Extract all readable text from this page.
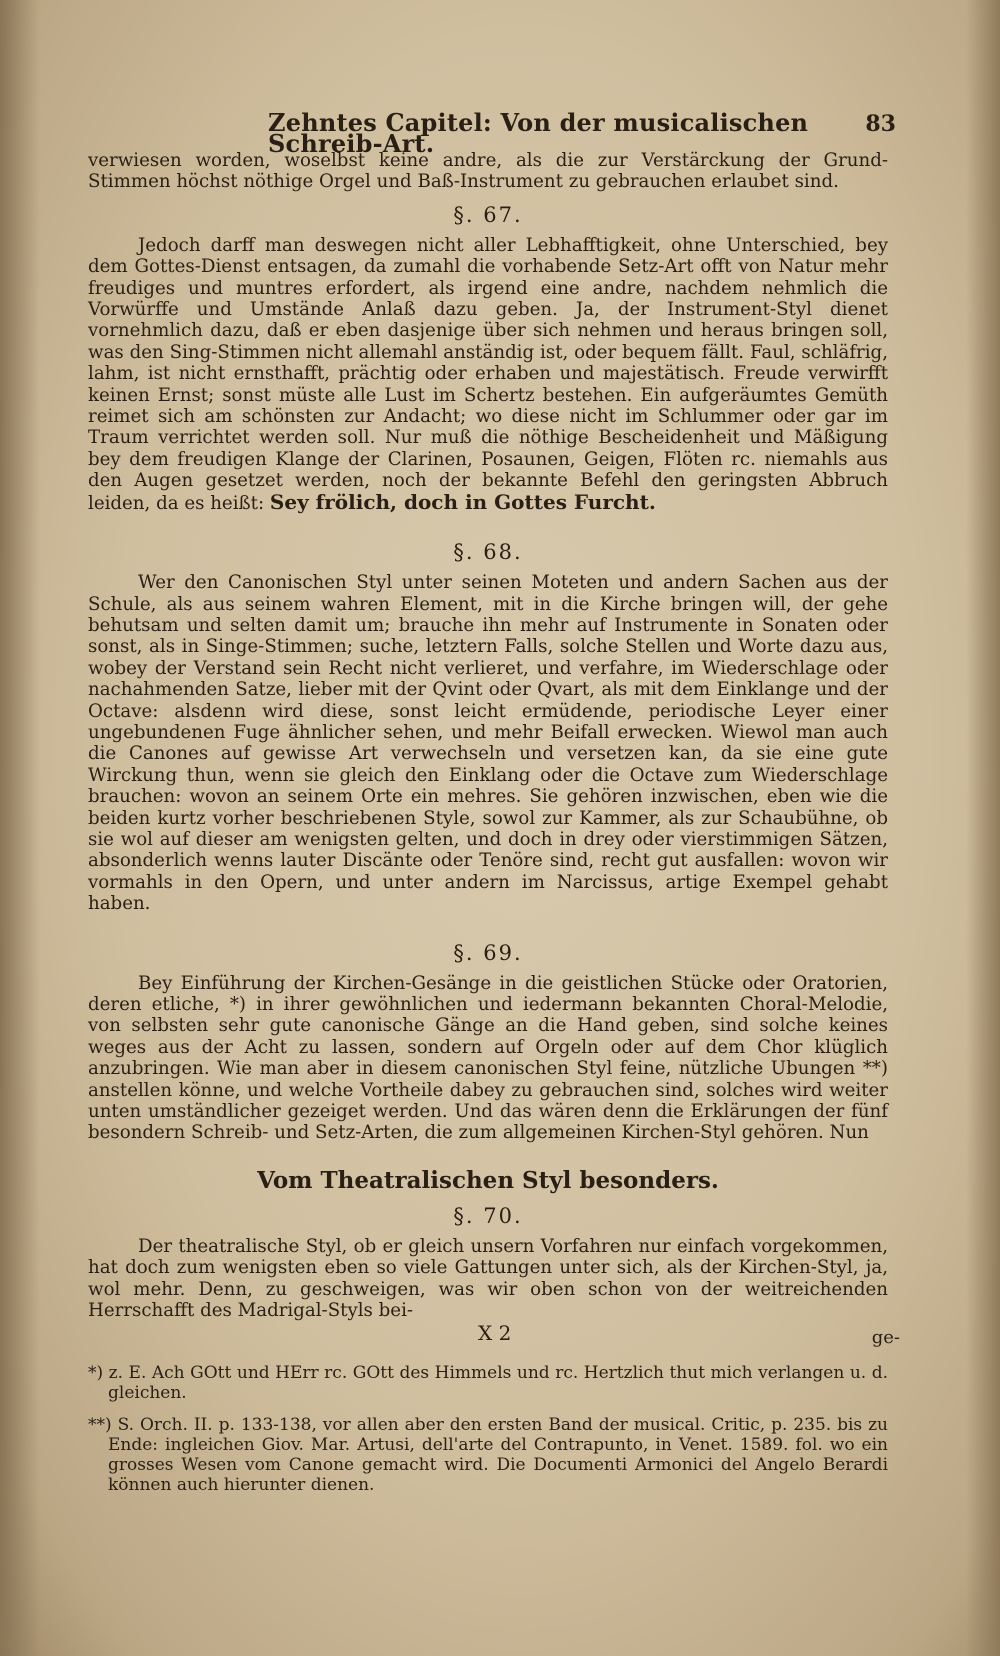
Zehntes Capitel: Von der musicalischen Schreib-Art.
83

verwiesen worden, woselbst keine andre, als die zur Verstärckung der Grund-Stimmen höchst nöthige Orgel und Baß-Instrument zu gebrauchen erlaubet sind.

§. 67.

Jedoch darff man deswegen nicht aller Lebhafftigkeit, ohne Unterschied, bey dem Gottes-Dienst entsagen, da zumahl die vorhabende Setz-Art offt von Natur mehr freudiges und muntres erfordert, als irgend eine andre, nachdem nehmlich die Vorwürffe und Umstände Anlaß dazu geben. Ja, der Instrument-Styl dienet vornehmlich dazu, daß er eben dasjenige über sich nehmen und heraus bringen soll, was den Sing-Stimmen nicht allemahl anständig ist, oder bequem fällt. Faul, schläfrig, lahm, ist nicht ernsthafft, prächtig oder erhaben und majestätisch. Freude verwirfft keinen Ernst; sonst müste alle Lust im Schertz bestehen. Ein aufgeräumtes Gemüth reimet sich am schönsten zur Andacht; wo diese nicht im Schlummer oder gar im Traum verrichtet werden soll. Nur muß die nöthige Bescheidenheit und Mäßigung bey dem freudigen Klange der Clarinen, Posaunen, Geigen, Flöten rc. niemahls aus den Augen gesetzet werden, noch der bekannte Befehl den geringsten Abbruch leiden, da es heißt: Sey frölich, doch in Gottes Furcht.

§. 68.

Wer den Canonischen Styl unter seinen Moteten und andern Sachen aus der Schule, als aus seinem wahren Element, mit in die Kirche bringen will, der gehe behutsam und selten damit um; brauche ihn mehr auf Instrumente in Sonaten oder sonst, als in Singe-Stimmen; suche, letztern Falls, solche Stellen und Worte dazu aus, wobey der Verstand sein Recht nicht verlieret, und verfahre, im Wiederschlage oder nachahmenden Satze, lieber mit der Qvint oder Qvart, als mit dem Einklange und der Octave: alsdenn wird diese, sonst leicht ermüdende, periodische Leyer einer ungebundenen Fuge ähnlicher sehen, und mehr Beifall erwecken. Wiewol man auch die Canones auf gewisse Art verwechseln und versetzen kan, da sie eine gute Wirckung thun, wenn sie gleich den Einklang oder die Octave zum Wiederschlage brauchen: wovon an seinem Orte ein mehres. Sie gehören inzwischen, eben wie die beiden kurtz vorher beschriebenen Style, sowol zur Kammer, als zur Schaubühne, ob sie wol auf dieser am wenigsten gelten, und doch in drey oder vierstimmigen Sätzen, absonderlich wenns lauter Discänte oder Tenöre sind, recht gut ausfallen: wovon wir vormahls in den Opern, und unter andern im Narcissus, artige Exempel gehabt haben.

§. 69.

Bey Einführung der Kirchen-Gesänge in die geistlichen Stücke oder Oratorien, deren etliche, *) in ihrer gewöhnlichen und iedermann bekannten Choral-Melodie, von selbsten sehr gute canonische Gänge an die Hand geben, sind solche keines weges aus der Acht zu lassen, sondern auf Orgeln oder auf dem Chor klüglich anzubringen. Wie man aber in diesem canonischen Styl feine, nützliche Ubungen **) anstellen könne, und welche Vortheile dabey zu gebrauchen sind, solches wird weiter unten umständlicher gezeiget werden. Und das wären denn die Erklärungen der fünf besondern Schreib- und Setz-Arten, die zum allgemeinen Kirchen-Styl gehören. Nun

Vom Theatralischen Styl besonders.
§. 70.

Der theatralische Styl, ob er gleich unsern Vorfahren nur einfach vorgekommen, hat doch zum wenigsten eben so viele Gattungen unter sich, als der Kirchen-Styl, ja, wol mehr. Denn, zu geschweigen, was wir oben schon von der weitreichenden Herrschafft des Madrigal-Styls bei-

X 2	ge-

*) z. E. Ach GOtt und HErr rc. GOtt des Himmels und rc. Hertzlich thut mich verlangen u. d. gleichen.

**) S. Orch. II. p. 133-138, vor allen aber den ersten Band der musical. Critic, p. 235. bis zu Ende: ingleichen Giov. Mar. Artusi, dell'arte del Contrapunto, in Venet. 1589. fol. wo ein grosses Wesen vom Canone gemacht wird. Die Documenti Armonici del Angelo Berardi können auch hierunter dienen.
